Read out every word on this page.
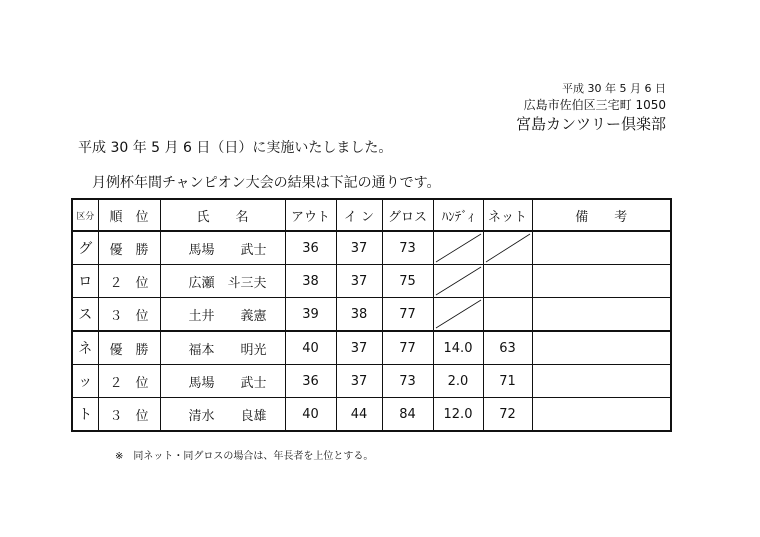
平成 30 年 5 月 6 日
広島市佐伯区三宅町 1050
宮島カンツリー倶楽部
平成 30 年 5 月 6 日（日）に実施いたしました。
月例杯年間チャンピオン大会の結果は下記の通りです。
区分	順　位	氏　　名	アウト	イ ン	グロス	ﾊﾝﾃﾞｨ	ネット	備　　考
グ	優　勝	馬場　　武士	36	37	73	

ロ	２　位	広瀬　斗三夫	38	37	75	

ス	３　位	土井　　義憲	39	38	77	

ネ	優　勝	福本　　明光	40	37	77	14.0	63	
ッ	２　位	馬場　　武士	36	37	73	2.0	71	
ト	３　位	清水　　良雄	40	44	84	12.0	72	
※　同ネット・同グロスの場合は、年長者を上位とする。
